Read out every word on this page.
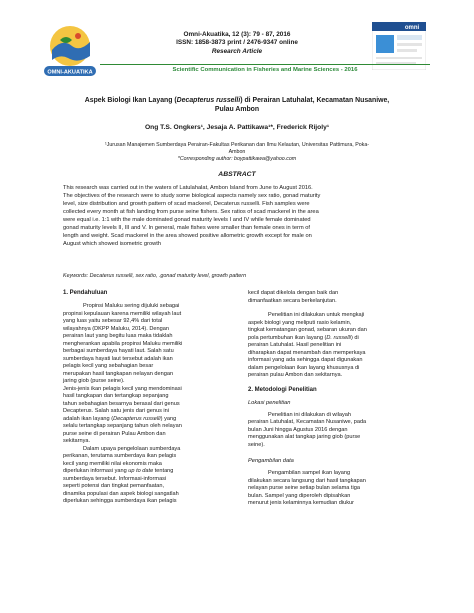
OMNI-AKUATIKA
omni
Omni-Akuatika, 12 (3): 79 - 87, 2016
ISSN: 1858-3873 print / 2476-9347 online
Research Article
Scientific Communication in Fisheries and Marine Sciences - 2016
Aspek Biologi Ikan Layang (Decapterus russelli) di Perairan Latuhalat, Kecamatan Nusaniwe,
Pulau Ambon
Ong T.S. Ongkers¹, Jesaja A. Pattikawa¹*, Frederick Rijoly¹
¹Jurusan Manajemen Sumberdaya Perairan-Fakultas Perikanan dan Ilmu Kelautan, Universitas Pattimura, Poka-
Ambon
*Corresponding author: boypattikawa@yahoo.com
ABSTRACT
This research was carried out in the waters of Latulahalat, Ambon Island from June to August 2016.
The objectives of the research were to study some biological aspects namely sex ratio, gonad maturity
level, size distribution and growth pattern of scad mackerel, Decaterus russelli. Fish samples were
collected every month at fish landing from purse seine fishers. Sex ratios of scad mackerel in the area
were equal i.e. 1:1 with the male dominated gonad maturity levels I and IV while female dominated
gonad maturity levels II, III and V. In general, male fishes were smaller than female ones in term of
length and weight. Scad mackerel in the area showed positive allometric growth except for male on
August which showed isometric growth
Keywords: Decaterus russelli, sex ratio, .gonad maturity level, growth pattern
1. Pendahuluan
Propinsi Maluku sering dijuluki sebagai
propinsi kepulauan karena memiliki wilayah laut
yang luas yaitu sebesar 92,4% dari total
wilayahnya (DKPP Maluku, 2014). Dengan
perairan laut yang begitu luas maka tidaklah
mengherankan apabila propinsi Maluku memiliki
berbagai sumberdaya hayati laut. Salah satu
sumberdaya hayati laut tersebut adalah ikan
pelagis kecil yang sebahagian besar
merupakan hasil tangkapan nelayan dengan
jaring giob (purse seine).
Jenis-jenis ikan pelagis kecil yang mendominasi
hasil tangkapan dan tertangkap sepanjang
tahun sebahagian besarnya berasal dari genus
Decapterus. Salah satu jenis dari genus ini
adalah ikan layang (Decapterus russelli) yang
selalu tertangkap sepanjang tahun oleh nelayan
purse seine di perairan Pulau Ambon dan
sekitarnya.
Dalam upaya pengelolaan sumberdaya
perikanan, terutama sumberdaya ikan pelagis
kecil yang memiliki nilai ekonomis maka
diperlukan informasi yang up to date tentang
sumberdaya tersebut. Informasi-informasi
seperti potensi dan tingkat pemanfaatan,
dinamika populasi dan aspek biologi sangatlah
diperlukan sehingga sumberdaya ikan pelagis
kecil dapat dikelola dengan baik dan
dimanfaatkan secara berkelanjutan.
Penelitian ini dilakukan untuk mengkaji
aspek biologi yang meliputi rasio kelamin,
tingkat kematangan gonad, sebaran ukuran dan
pola pertumbuhan ikan layang (D. russelli) di
perairan Latuhalat. Hasil penelitian ini
diharapkan dapat menambah dan memperkaya
informasi yang ada sehingga dapat digunakan
dalam pengelolaan ikan layang khususnya di
perairan pulau Ambon dan sekitarnya.
2. Metodologi Penelitian
Lokasi penelitian
Penelitian ini dilakukan di wilayah
perairan Latuhalat, Kecamatan Nusaniwe, pada
bulan Juni hingga Agustus 2016 dengan
menggunakan alat tangkap jaring giob (purse
seine).
Pengambilan data
Pengambilan sampel ikan layang
dilakukan secara langsung dari hasil tangkapan
nelayan purse seine setiap bulan selama tiga
bulan. Sampel yang diperoleh dipisahkan
menurut jenis kelaminnya kemudian diukur
